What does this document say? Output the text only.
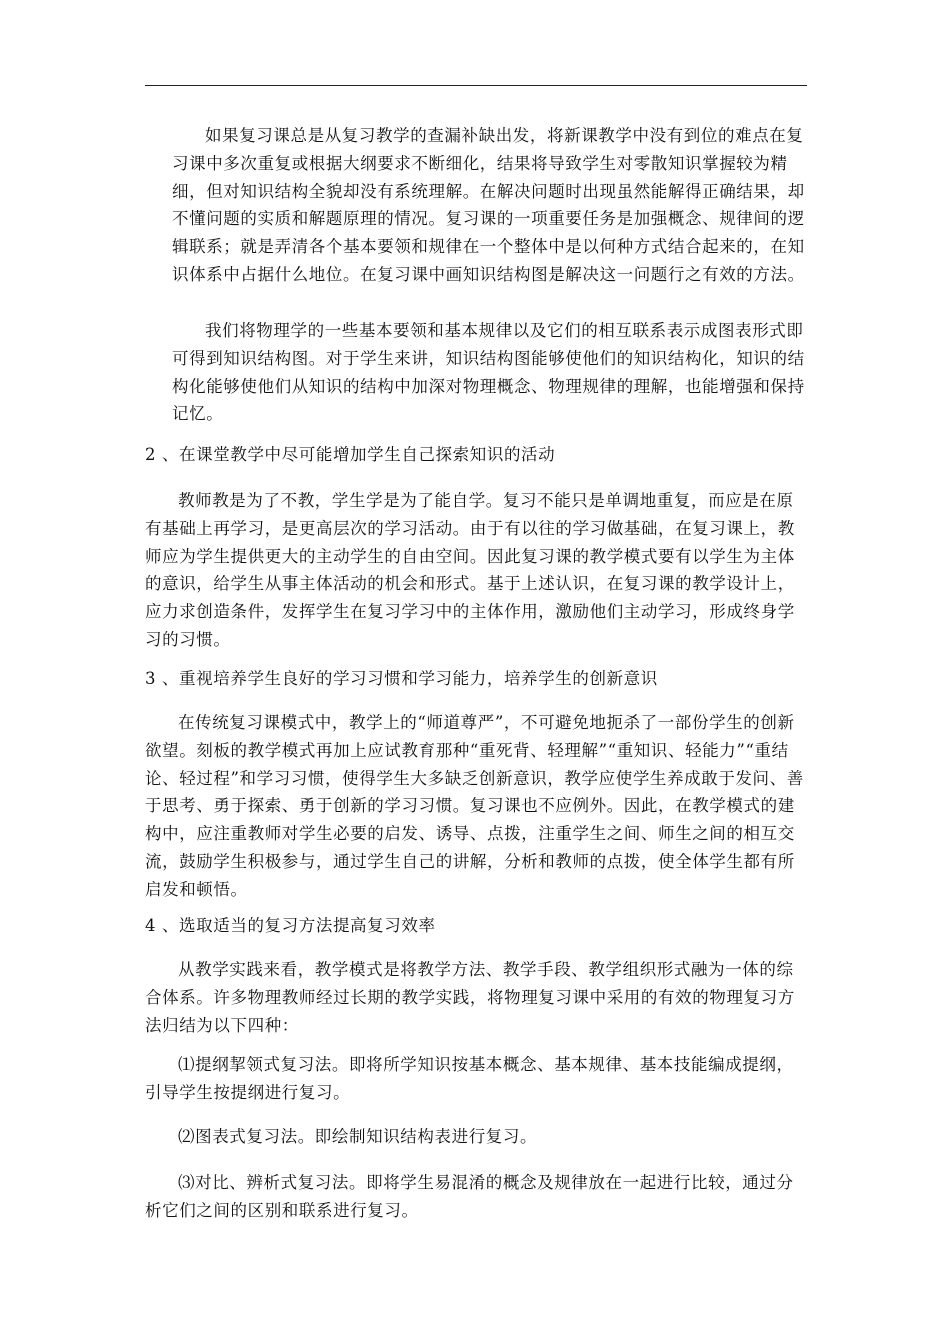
如果复习课总是从复习教学的查漏补缺出发，将新课教学中没有到位的难点在复习课中多次重复或根据大纲要求不断细化，结果将导致学生对零散知识掌握较为精细，但对知识结构全貌却没有系统理解。在解决问题时出现虽然能解得正确结果，却不懂问题的实质和解题原理的情况。复习课的一项重要任务是加强概念、规律间的逻辑联系；就是弄清各个基本要领和规律在一个整体中是以何种方式结合起来的，在知识体系中占据什么地位。在复习课中画知识结构图是解决这一问题行之有效的方法。
我们将物理学的一些基本要领和基本规律以及它们的相互联系表示成图表形式即可得到知识结构图。对于学生来讲，知识结构图能够使他们的知识结构化，知识的结构化能够使他们从知识的结构中加深对物理概念、物理规律的理解，也能增强和保持记忆。
2 、在课堂教学中尽可能增加学生自己探索知识的活动
教师教是为了不教，学生学是为了能自学。复习不能只是单调地重复，而应是在原有基础上再学习，是更高层次的学习活动。由于有以往的学习做基础，在复习课上，教师应为学生提供更大的主动学生的自由空间。因此复习课的教学模式要有以学生为主体的意识，给学生从事主体活动的机会和形式。基于上述认识，在复习课的教学设计上，应力求创造条件，发挥学生在复习学习中的主体作用，激励他们主动学习，形成终身学习的习惯。
3 、重视培养学生良好的学习习惯和学习能力，培养学生的创新意识
在传统复习课模式中，教学上的“师道尊严”，不可避免地扼杀了一部份学生的创新欲望。刻板的教学模式再加上应试教育那种“重死背、轻理解”“重知识、轻能力”“重结论、轻过程”和学习习惯，使得学生大多缺乏创新意识，教学应使学生养成敢于发问、善于思考、勇于探索、勇于创新的学习习惯。复习课也不应例外。因此，在教学模式的建构中，应注重教师对学生必要的启发、诱导、点拨，注重学生之间、师生之间的相互交流，鼓励学生积极参与，通过学生自己的讲解，分析和教师的点拨，使全体学生都有所启发和顿悟。
4 、选取适当的复习方法提高复习效率
从教学实践来看，教学模式是将教学方法、教学手段、教学组织形式融为一体的综合体系。许多物理教师经过长期的教学实践，将物理复习课中采用的有效的物理复习方法归结为以下四种：
⑴提纲挈领式复习法。即将所学知识按基本概念、基本规律、基本技能编成提纲，引导学生按提纲进行复习。
⑵图表式复习法。即绘制知识结构表进行复习。
⑶对比、辨析式复习法。即将学生易混淆的概念及规律放在一起进行比较，通过分析它们之间的区别和联系进行复习。
